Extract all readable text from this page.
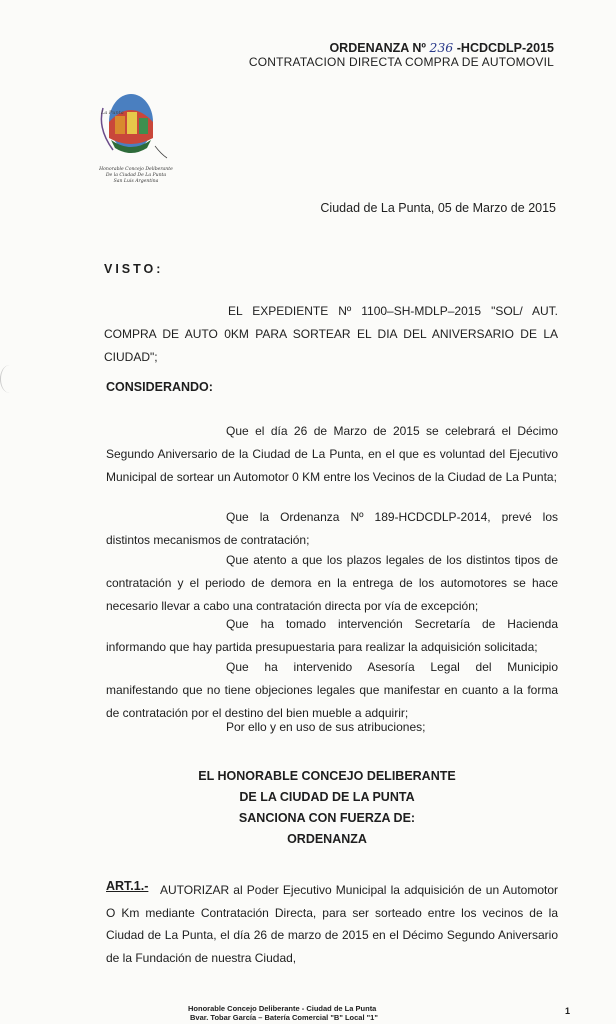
ORDENANZA Nº 236 -HCDCDLP-2015
CONTRATACION DIRECTA COMPRA DE AUTOMOVIL
La Punta
Honorable Concejo Deliberante
De la Ciudad De La Punta
San Luis Argentina
Ciudad de La Punta, 05 de Marzo de 2015
VISTO:
EL EXPEDIENTE Nº 1100–SH-MDLP–2015 "SOL/ AUT. COMPRA DE AUTO 0KM PARA SORTEAR EL DIA DEL ANIVERSARIO DE LA CIUDAD";
CONSIDERANDO:
Que el día 26 de Marzo de 2015 se celebrará el Décimo Segundo Aniversario de la Ciudad de La Punta, en el que es voluntad del Ejecutivo Municipal de sortear un Automotor 0 KM entre los Vecinos de la Ciudad de La Punta;
Que la Ordenanza Nº 189-HCDCDLP-2014, prevé los distintos mecanismos de contratación;
Que atento a que los plazos legales de los distintos tipos de contratación y el periodo de demora en la entrega de los automotores se hace necesario llevar a cabo una contratación directa por vía de excepción;
Que ha tomado intervención Secretaría de Hacienda informando que hay partida presupuestaria para realizar la adquisición solicitada;
Que ha intervenido Asesoría Legal del Municipio manifestando que no tiene objeciones legales que manifestar en cuanto a la forma de contratación por el destino del bien mueble a adquirir;
Por ello y en uso de sus atribuciones;
EL HONORABLE CONCEJO DELIBERANTE
DE LA CIUDAD DE LA PUNTA
SANCIONA CON FUERZA DE:
ORDENANZA
ART.1.- AUTORIZAR al Poder Ejecutivo Municipal la adquisición de un Automotor O Km mediante Contratación Directa, para ser sorteado entre los vecinos de la Ciudad de La Punta, el día 26 de marzo de 2015 en el Décimo Segundo Aniversario de la Fundación de nuestra Ciudad,
Honorable Concejo Deliberante - Ciudad de La Punta
Bvar. Tobar García – Batería Comercial "B" Local "1"
1
